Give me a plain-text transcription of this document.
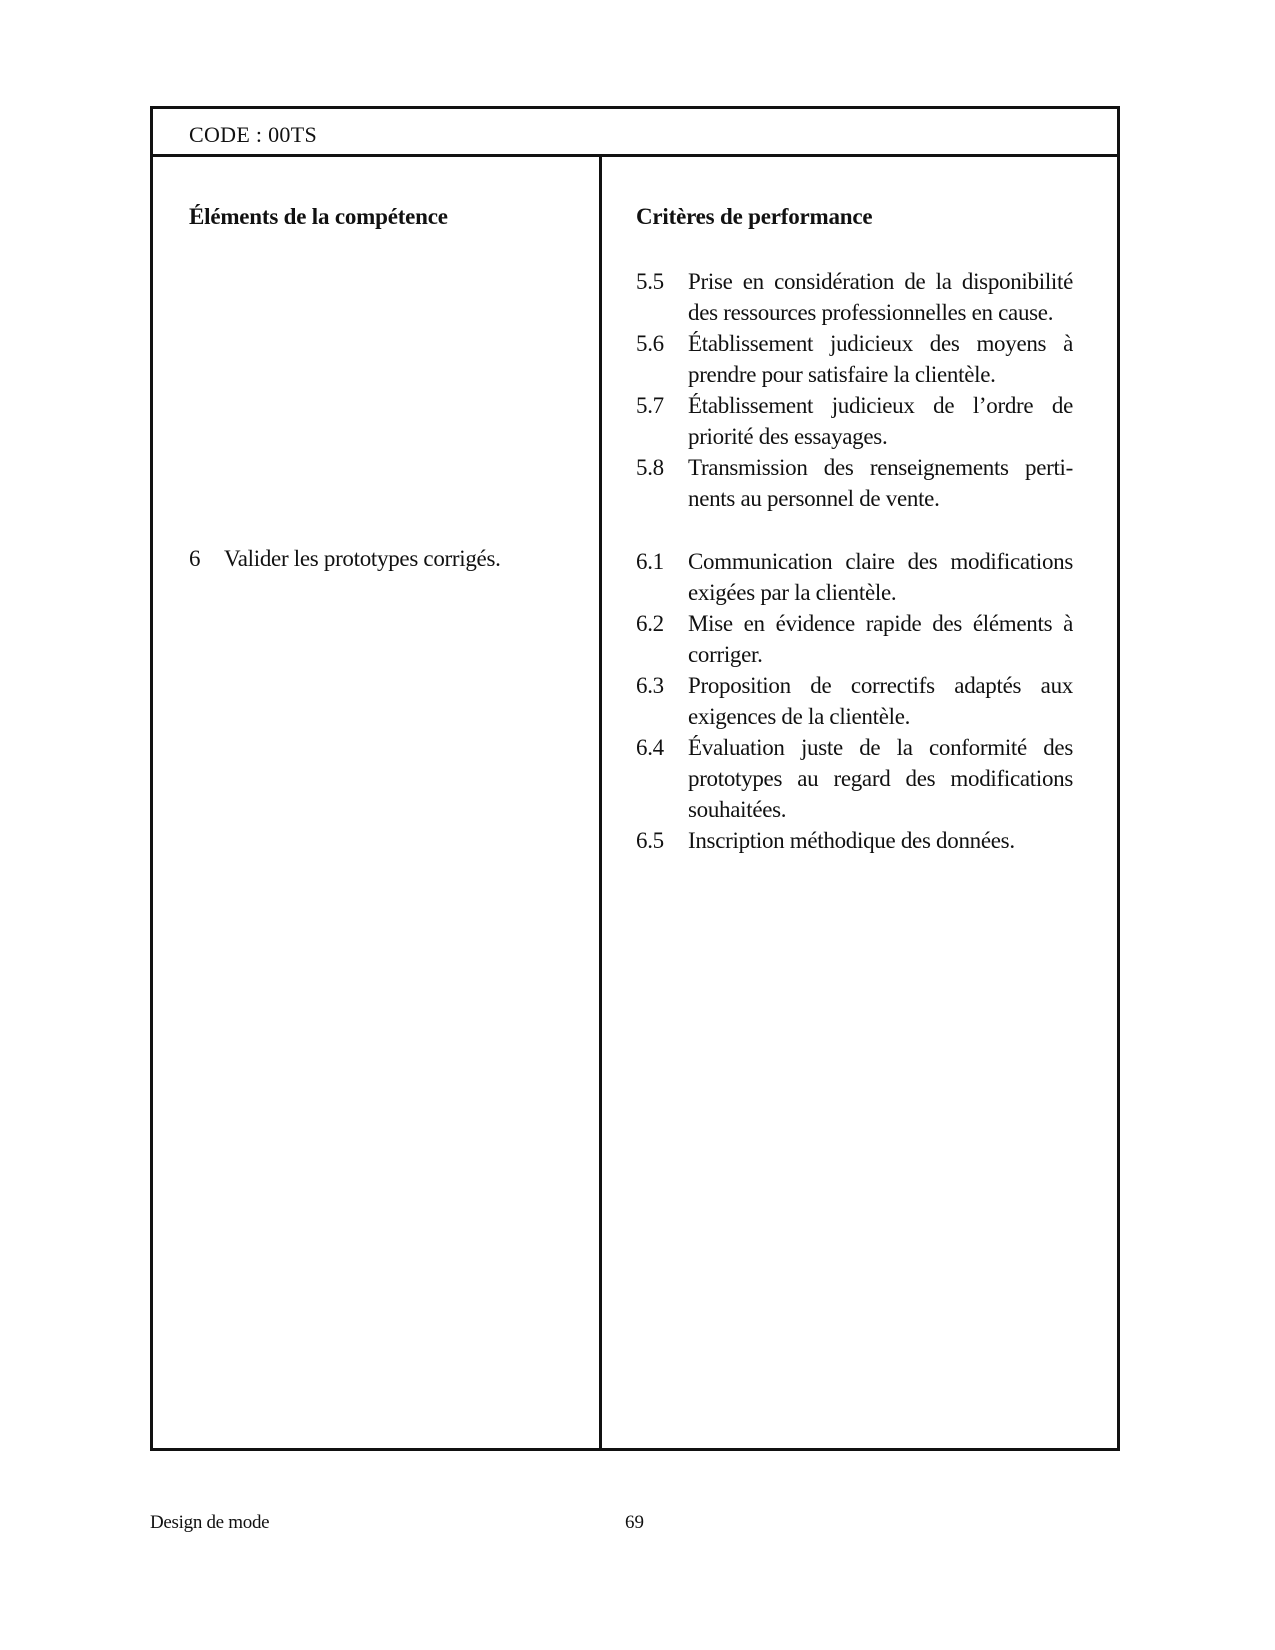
CODE : 00TS
Éléments de la compétence	Critères de performance
6 Valider les prototypes corrigés.
5.5	Prise en considération de la disponibilité des ressources professionnelles en cause.
5.6	Établissement judicieux des moyens à prendre pour satisfaire la clientèle.
5.7	Établissement judicieux de l’ordre de priorité des essayages.
5.8	Transmission des renseignements perti-nents au personnel de vente.
6.1	Communication claire des modifications exigées par la clientèle.
6.2	Mise en évidence rapide des éléments à corriger.
6.3	Proposition de correctifs adaptés aux exigences de la clientèle.
6.4	Évaluation juste de la conformité des prototypes au regard des modifications souhaitées.
6.5	Inscription méthodique des données.
Design de mode	69
